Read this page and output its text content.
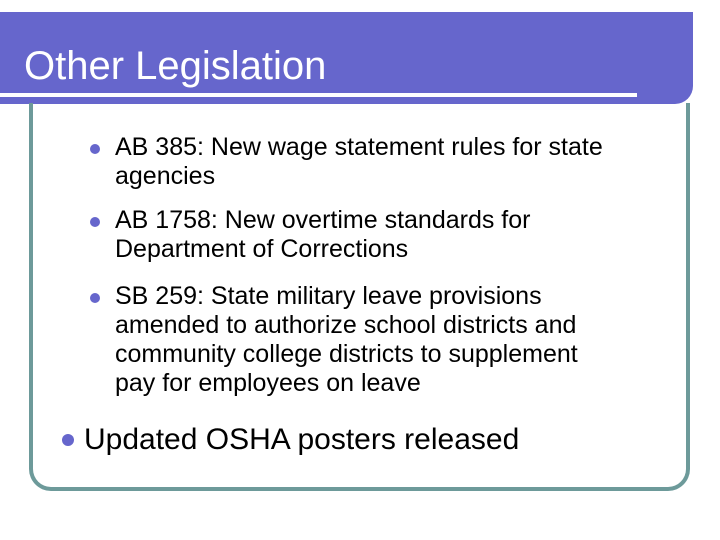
Other Legislation
AB 385: New wage statement rules for state
agencies
AB 1758: New overtime standards for
Department of Corrections
SB 259: State military leave provisions
amended to authorize school districts and
community college districts to supplement
pay for employees on leave
Updated OSHA posters released
